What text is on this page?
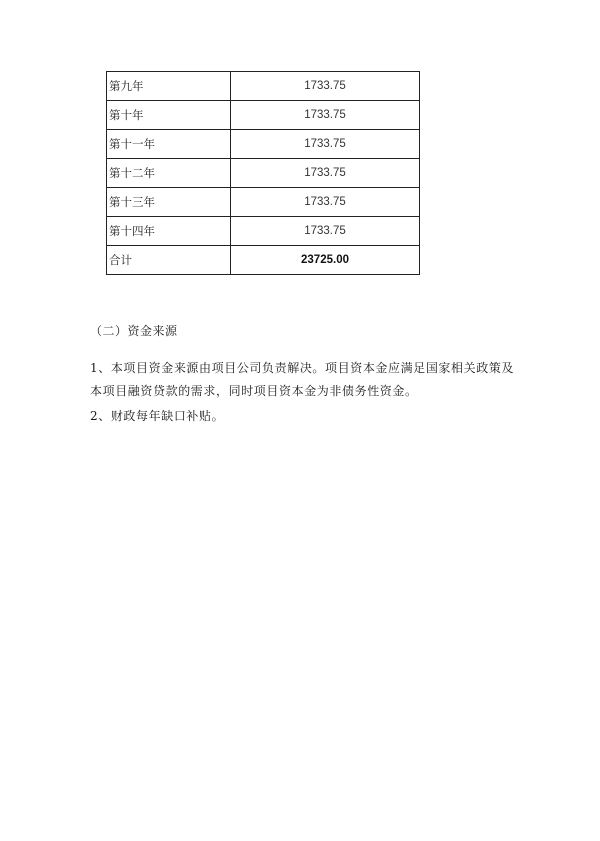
第九年	1733.75
第十年	1733.75
第十一年	1733.75
第十二年	1733.75
第十三年	1733.75
第十四年	1733.75
合计	23725.00
（二）资金来源
1、本项目资金来源由项目公司负责解决。项目资本金应满足国家相关政策及本项目融资贷款的需求，同时项目资本金为非债务性资金。
2、财政每年缺口补贴。
